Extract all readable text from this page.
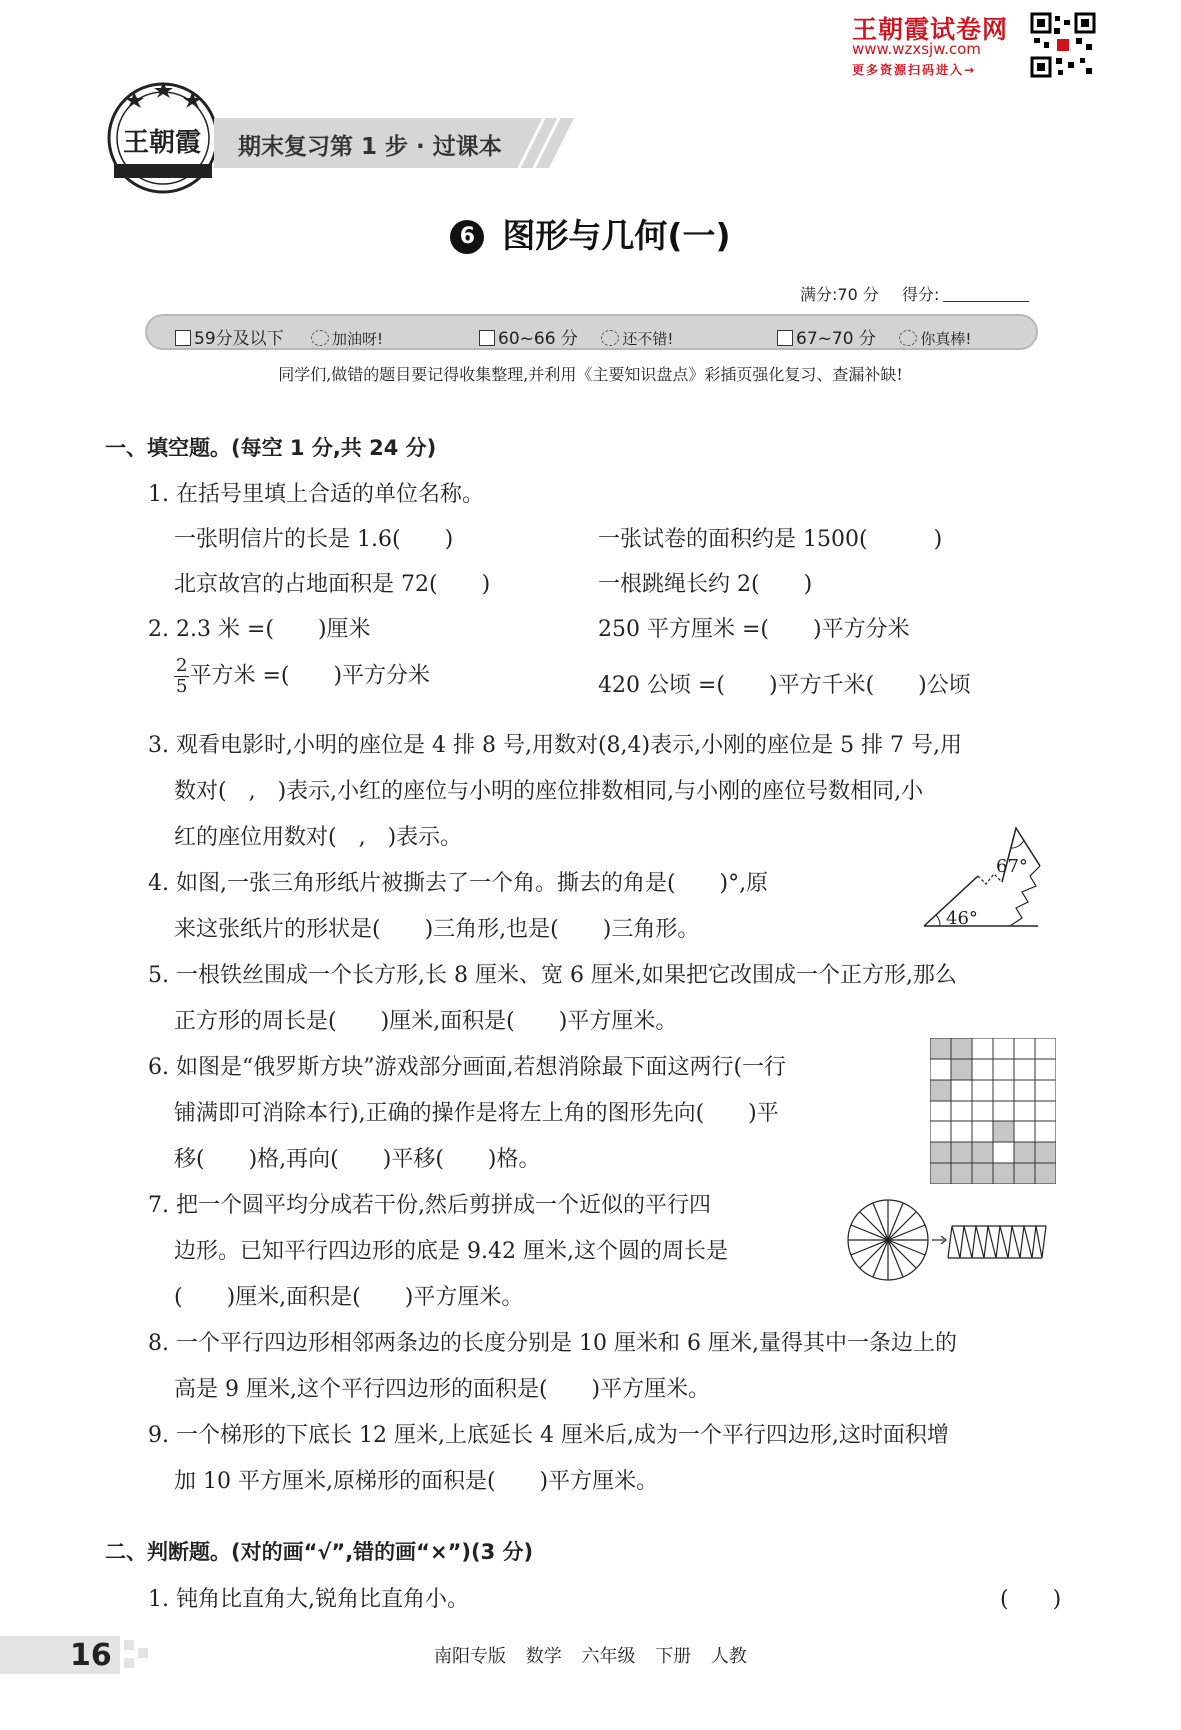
王朝霞试卷网
www.wzxsjw.com
更多资源扫码进入→
王朝霞	期末复习第 1 步 · 过课本
6 图形与几何(一)
满分:70 分 得分:
59分及以下	加油呀!	60~66 分	还不错!	67~70 分	你真棒!
同学们,做错的题目要记得收集整理,并利用《主要知识盘点》彩插页强化复习、查漏补缺!
一、填空题。(每空 1 分,共 24 分)
1. 在括号里填上合适的单位名称。
一张明信片的长是 1.6(　　)	一张试卷的面积约是 1500(　　　)
北京故宫的占地面积是 72(　　)	一根跳绳长约 2(　　)
2. 2.3 米 =(　　)厘米	250 平方厘米 =(　　)平方分米
$\frac{2}{5}$ 平方米 =(　　)平方分米	420 公顷 =(　　)平方千米(　　)公顷
3. 观看电影时,小明的座位是 4 排 8 号,用数对(8,4)表示,小刚的座位是 5 排 7 号,用
数对(　,　)表示,小红的座位与小明的座位排数相同,与小刚的座位号数相同,小
红的座位用数对(　,　)表示。
4. 如图,一张三角形纸片被撕去了一个角。撕去的角是(　　)°,原
来这张纸片的形状是(　　)三角形,也是(　　)三角形。
67°
46°
5. 一根铁丝围成一个长方形,长 8 厘米、宽 6 厘米,如果把它改围成一个正方形,那么
正方形的周长是(　　)厘米,面积是(　　)平方厘米。
6. 如图是“俄罗斯方块”游戏部分画面,若想消除最下面这两行(一行
铺满即可消除本行),正确的操作是将左上角的图形先向(　　)平
移(　　)格,再向(　　)平移(　　)格。
7. 把一个圆平均分成若干份,然后剪拼成一个近似的平行四
边形。已知平行四边形的底是 9.42 厘米,这个圆的周长是
(　　)厘米,面积是(　　)平方厘米。
8. 一个平行四边形相邻两条边的长度分别是 10 厘米和 6 厘米,量得其中一条边上的
高是 9 厘米,这个平行四边形的面积是(　　)平方厘米。
9. 一个梯形的下底长 12 厘米,上底延长 4 厘米后,成为一个平行四边形,这时面积增
加 10 平方厘米,原梯形的面积是(　　)平方厘米。
二、判断题。(对的画“√”,错的画“×”)(3 分)
1. 钝角比直角大,锐角比直角小。	(　　)
16	南阳专版 数学 六年级 下册 人教
